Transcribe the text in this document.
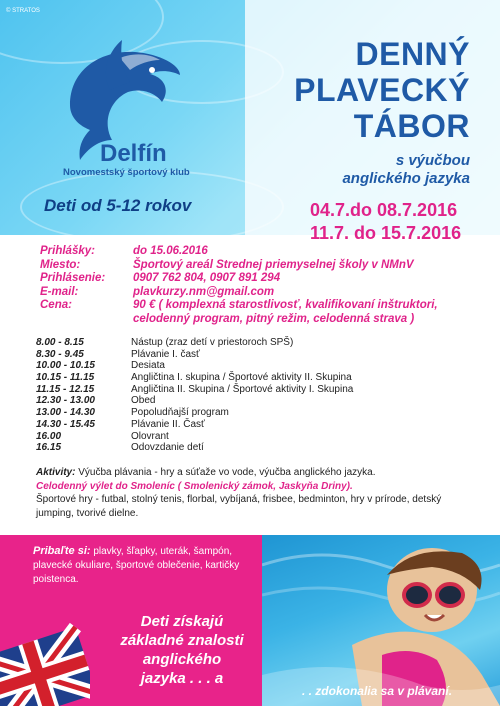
© STRATOS
Delfín
Novomestský športový klub
Deti od 5-12 rokov
DENNÝ
PLAVECKÝ
TÁBOR
s výučbou
anglického jazyka
04.7.do 08.7.2016
11.7. do 15.7.2016
Prihlášky:	do 15.06.2016
Miesto:	Športový areál Strednej priemyselnej školy v NMnV
Prihlásenie:	0907 762 804, 0907 891 294
E-mail:	plavkurzy.nm@gmail.com
Cena:	90 € ( komplexná starostlivosť, kvalifikovaní inštruktori,
celodenný program, pitný režim, celodenná strava )
8.00 - 8.15	Nástup (zraz detí v priestoroch SPŠ)
8.30 - 9.45	Plávanie I. časť
10.00 - 10.15	Desiata
10.15 - 11.15	Angličtina I. skupina / Športové aktivity II. Skupina
11.15 - 12.15	Angličtina II. Skupina / Športové aktivity I. Skupina
12.30 - 13.00	Obed
13.00 - 14.30	Popoludňajší program
14.30 - 15.45	Plávanie II. Časť
16.00	Olovrant
16.15	Odovzdanie detí
Aktivity: Výučba plávania - hry a súťaže vo vode, výučba anglického jazyka.
Celodenný výlet do Smoleníc ( Smolenický zámok, Jaskyňa Driny).
Športové hry - futbal, stolný tenis, florbal, vybíjaná, frisbee, bedminton, hry v prírode, detský jumping, tvorivé dielne.
Pribaľte si: plavky, šľapky, uterák, šampón, plavecké okuliare, športové oblečenie, kartičky poistenca.
Deti získajú
základné znalosti
anglického
jazyka . . . a
. . zdokonalia sa v plávaní.
